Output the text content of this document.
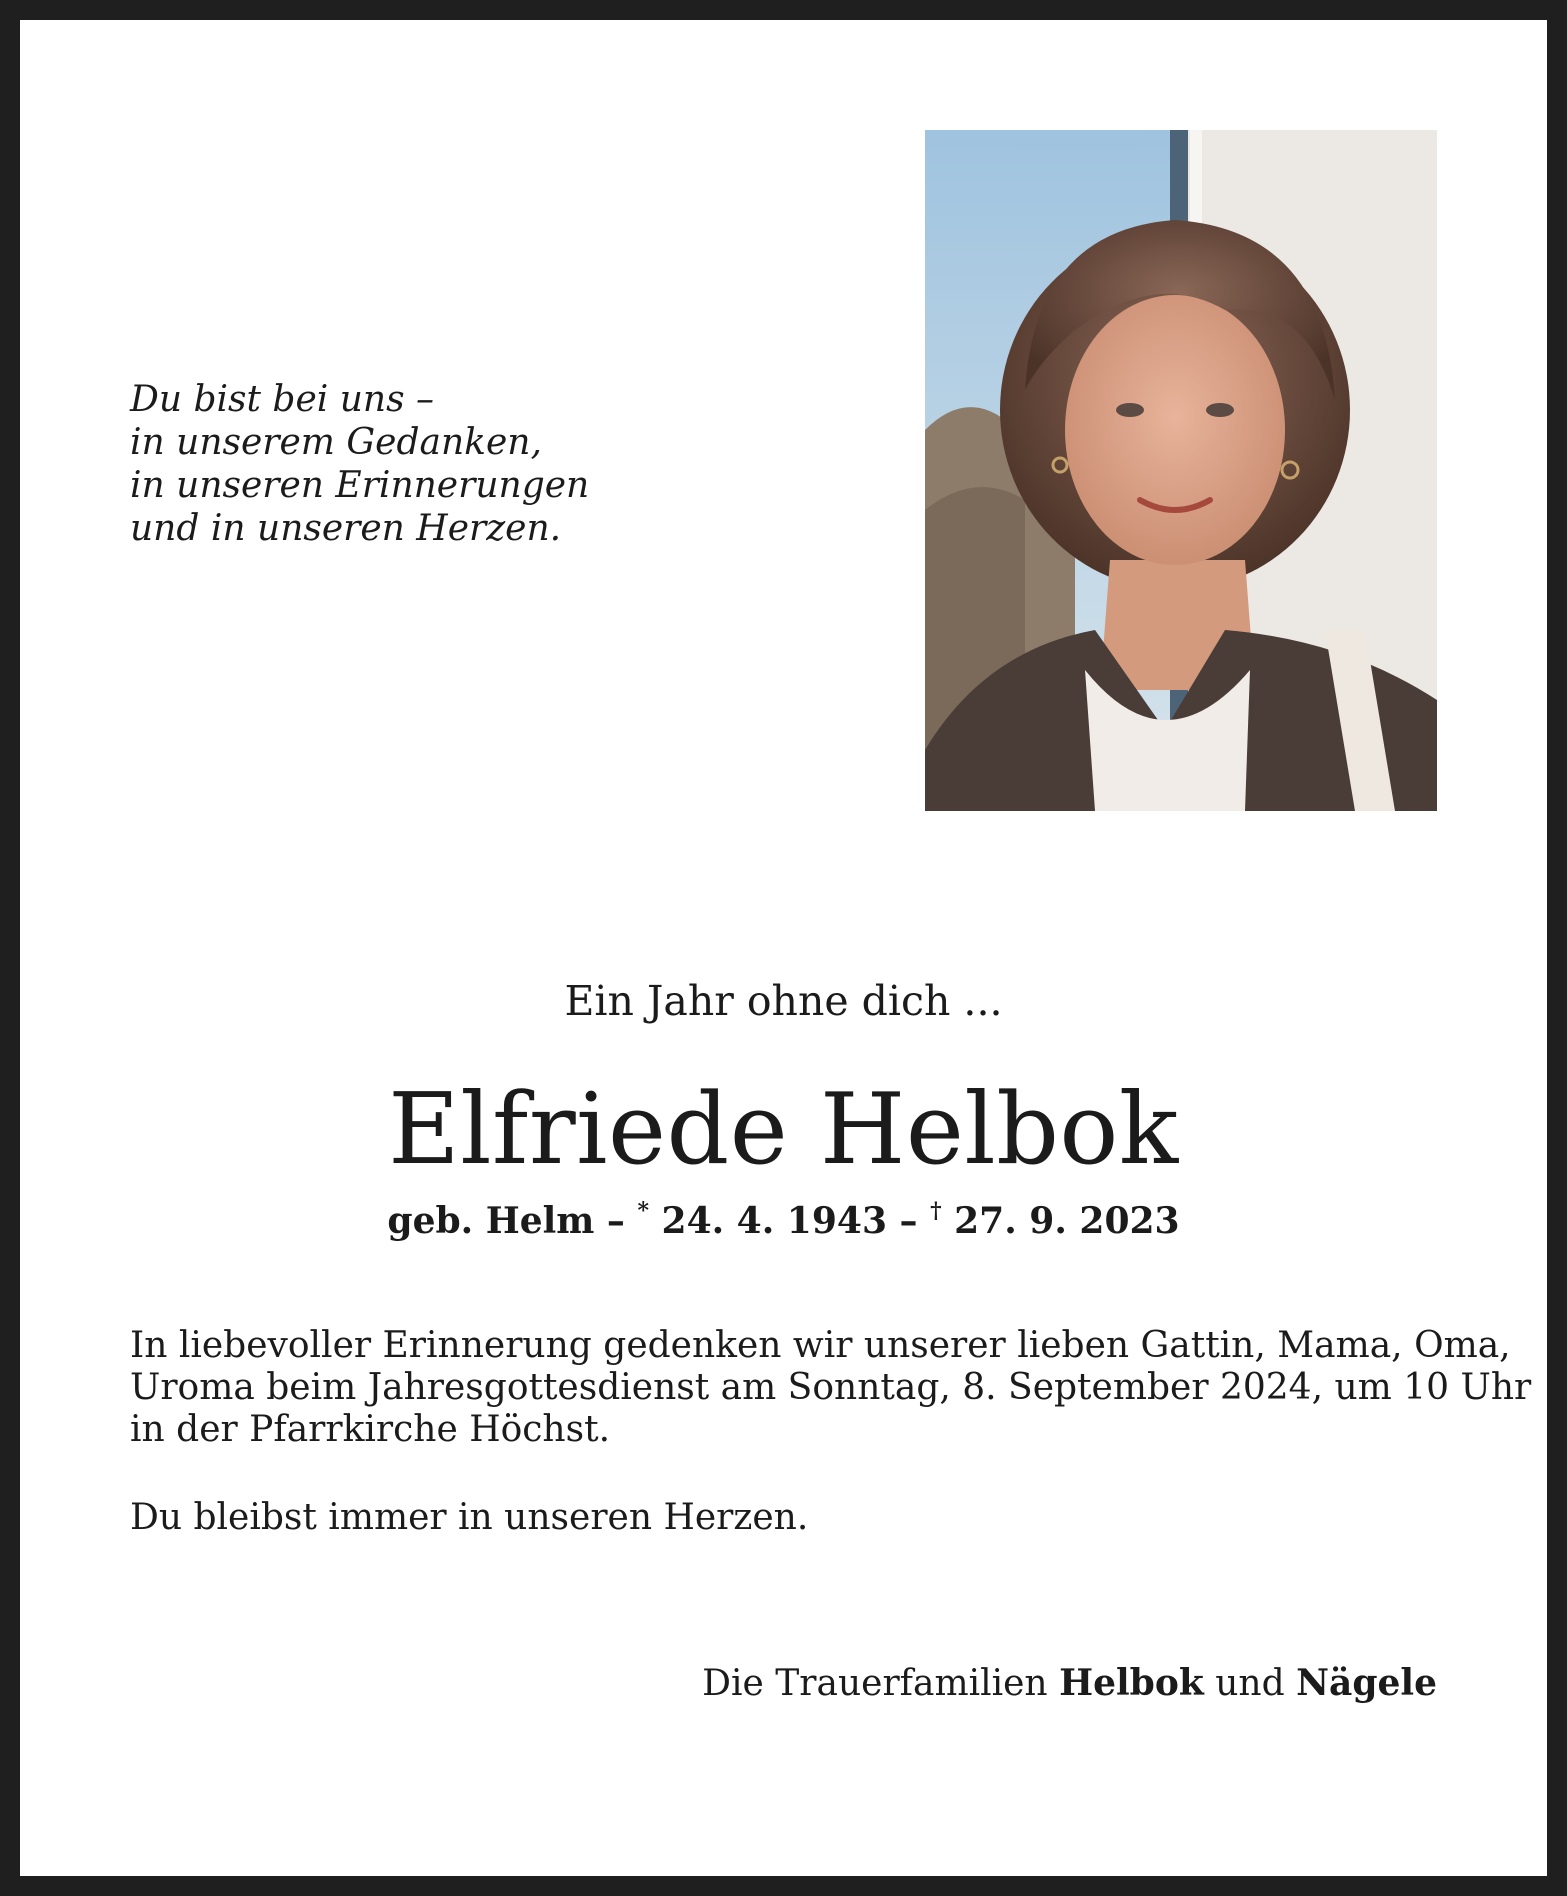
Du bist bei uns –
in unserem Gedanken,
in unseren Erinnerungen
und in unseren Herzen.
Ein Jahr ohne dich ...
Elfriede Helbok
geb. Helm – * 24. 4. 1943 – † 27. 9. 2023
In liebevoller Erinnerung gedenken wir unserer lieben Gattin, Mama, Oma,
Uroma beim Jahresgottesdienst am Sonntag, 8. September 2024, um 10 Uhr
in der Pfarrkirche Höchst.
Du bleibst immer in unseren Herzen.
Die Trauerfamilien Helbok und Nägele
